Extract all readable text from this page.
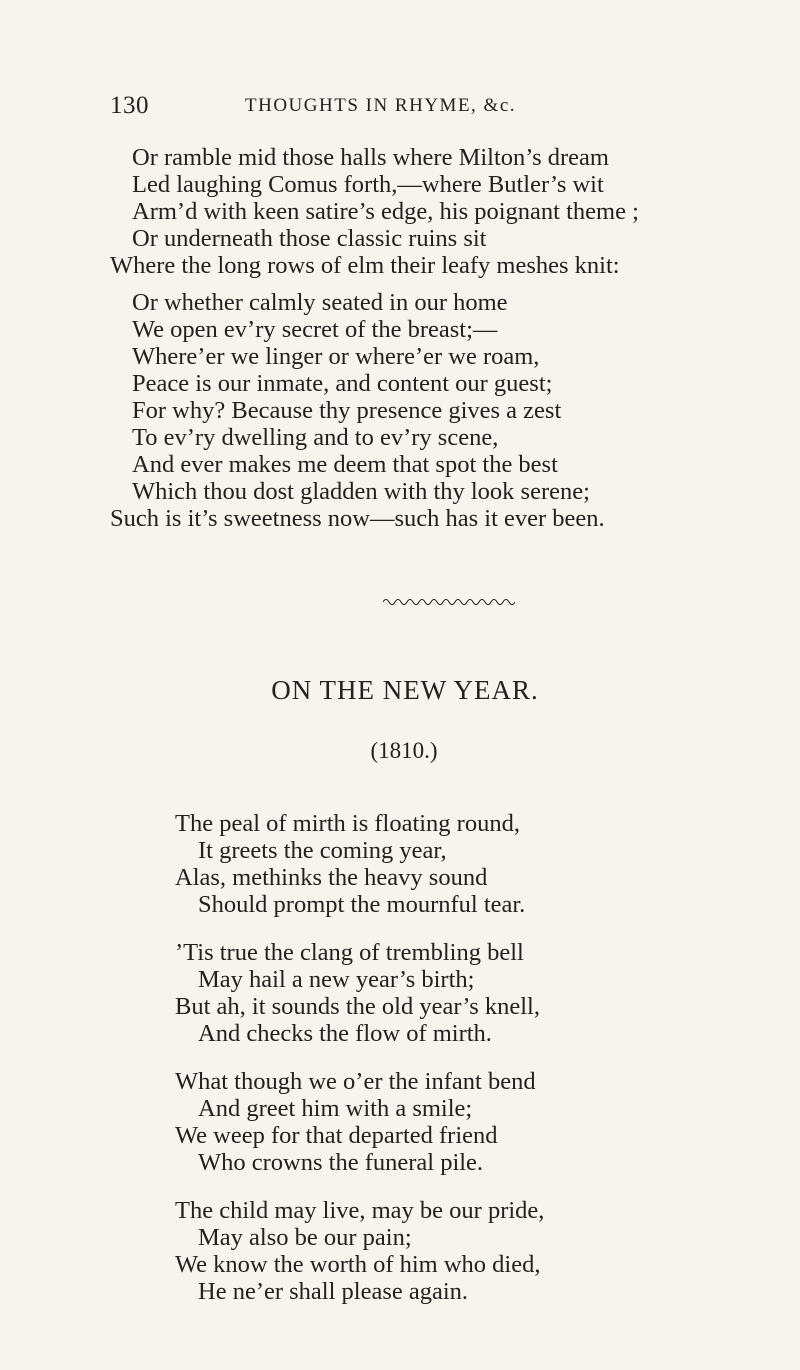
130	THOUGHTS IN RHYME, &c.
Or ramble mid those halls where Milton’s dream
Led laughing Comus forth,—where Butler’s wit
Arm’d with keen satire’s edge, his poignant theme ;
Or underneath those classic ruins sit
Where the long rows of elm their leafy meshes knit:
Or whether calmly seated in our home
We open ev’ry secret of the breast;—
Where’er we linger or where’er we roam,
Peace is our inmate, and content our guest;
For why? Because thy presence gives a zest
To ev’ry dwelling and to ev’ry scene,
And ever makes me deem that spot the best
Which thou dost gladden with thy look serene;
Such is it’s sweetness now—such has it ever been.
ON THE NEW YEAR.
(1810.)
The peal of mirth is floating round,
It greets the coming year,
Alas, methinks the heavy sound
Should prompt the mournful tear.
’Tis true the clang of trembling bell
May hail a new year’s birth;
But ah, it sounds the old year’s knell,
And checks the flow of mirth.
What though we o’er the infant bend
And greet him with a smile;
We weep for that departed friend
Who crowns the funeral pile.
The child may live, may be our pride,
May also be our pain;
We know the worth of him who died,
He ne’er shall please again.
